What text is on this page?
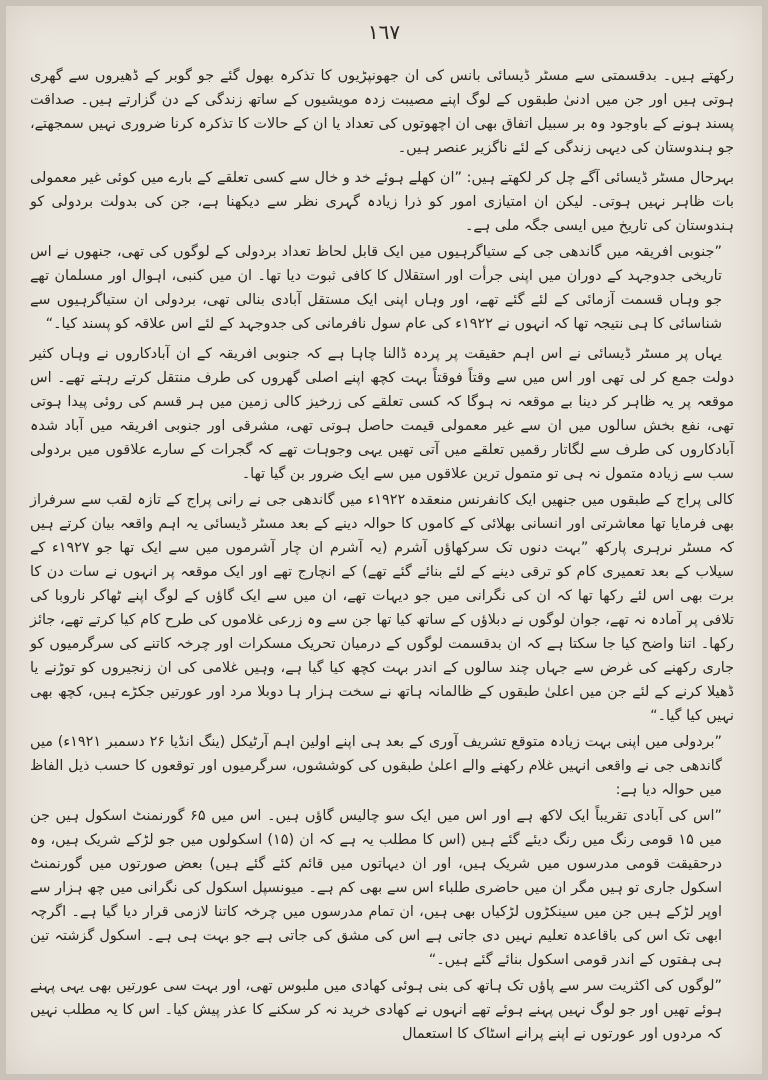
١٦٧

رکھتے ہیں۔ بدقسمتی سے مسٹر ڈیسائی بانس کی ان جھونپڑیوں کا تذکرہ بھول گئے جو گوبر کے ڈھیروں سے گھری ہوتی ہیں اور جن میں ادنیٰ طبقوں کے لوگ اپنے مصیبت زدہ مویشیوں کے ساتھ زندگی کے دن گزارتے ہیں۔ صداقت پسند ہونے کے باوجود وہ بر سبیل اتفاق بھی ان اچھوتوں کی تعداد یا ان کے حالات کا تذکرہ کرنا ضروری نہیں سمجھتے، جو ہندوستان کی دیہی زندگی کے لئے ناگزیر عنصر ہیں۔

بہرحال مسٹر ڈیسائی آگے چل کر لکھتے ہیں: ”ان کھلے ہوئے خد و خال سے کسی تعلقے کے بارے میں کوئی غیر معمولی بات ظاہر نہیں ہوتی۔ لیکن ان امتیازی امور کو ذرا زیادہ گہری نظر سے دیکھنا ہے، جن کی بدولت بردولی کو ہندوستان کی تاریخ میں ایسی جگہ ملی ہے۔

”جنوبی افریقہ میں گاندھی جی کے ستیاگرہیوں میں ایک قابل لحاظ تعداد بردولی کے لوگوں کی تھی، جنھوں نے اس تاریخی جدوجہد کے دوران میں اپنی جرأت اور استقلال کا کافی ثبوت دیا تھا۔ ان میں کنبی، اہوال اور مسلمان تھے جو وہاں قسمت آزمائی کے لئے گئے تھے، اور وہاں اپنی ایک مستقل آبادی بنالی تھی، بردولی ان ستیاگرہیوں سے شناسائی کا ہی نتیجہ تھا کہ انہوں نے ۱۹۲۲ء کی عام سول نافرمانی کی جدوجہد کے لئے اس علاقہ کو پسند کیا۔“

یہاں پر مسٹر ڈیسائی نے اس اہم حقیقت پر پردہ ڈالنا چاہا ہے کہ جنوبی افریقہ کے ان آبادکاروں نے وہاں کثیر دولت جمع کر لی تھی اور اس میں سے وقتاً فوقتاً بہت کچھ اپنے اصلی گھروں کی طرف منتقل کرتے رہتے تھے۔ اس موقعہ پر یہ ظاہر کر دینا بے موقعہ نہ ہوگا کہ کسی تعلقے کی زرخیز کالی زمین میں ہر قسم کی روئی پیدا ہوتی تھی، نفع بخش سالوں میں ان سے غیر معمولی قیمت حاصل ہوتی تھی، مشرقی اور جنوبی افریقہ میں آباد شدہ آبادکاروں کی طرف سے لگاتار رقمیں تعلقے میں آتی تھیں یہی وجوہات تھے کہ گجرات کے سارے علاقوں میں بردولی سب سے زیادہ متمول نہ ہی تو متمول ترین علاقوں میں سے ایک ضرور بن گیا تھا۔

کالی پراج کے طبقوں میں جنھیں ایک کانفرنس منعقدہ ۱۹۲۲ء میں گاندھی جی نے رانی پراج کے تازہ لقب سے سرفراز بھی فرمایا تھا معاشرتی اور انسانی بھلائی کے کاموں کا حوالہ دینے کے بعد مسٹر ڈیسائی یہ اہم واقعہ بیان کرتے ہیں کہ مسٹر نرہری پارکھ ”بہت دنوں تک سرکھاؤں آشرم (یہ آشرم ان چار آشرموں میں سے ایک تھا جو ۱۹۲۷ء کے سیلاب کے بعد تعمیری کام کو ترقی دینے کے لئے بنائے گئے تھے) کے انچارج تھے اور ایک موقعہ پر انہوں نے سات دن کا برت بھی اس لئے رکھا تھا کہ ان کی نگرانی میں جو دیہات تھے، ان میں سے ایک گاؤں کے لوگ اپنے ٹھاکر ناروبا کی تلافی پر آمادہ نہ تھے، جوان لوگوں نے دبلاؤں کے ساتھ کیا تھا جن سے وہ زرعی غلاموں کی طرح کام کیا کرتے تھے، جائز رکھا۔ اتنا واضح کیا جا سکتا ہے کہ ان بدقسمت لوگوں کے درمیان تحریک مسکرات اور چرخہ کاتنے کی سرگرمیوں کو جاری رکھنے کی غرض سے جہاں چند سالوں کے اندر بہت کچھ کیا گیا ہے، وہیں غلامی کی ان زنجیروں کو توڑنے یا ڈھیلا کرنے کے لئے جن میں اعلیٰ طبقوں کے ظالمانہ ہاتھ نے سخت ہزار ہا دوبلا مرد اور عورتیں جکڑے ہیں، کچھ بھی نہیں کیا گیا۔“

”بردولی میں اپنی بہت زیادہ متوقع تشریف آوری کے بعد ہی اپنے اولین اہم آرٹیکل (ینگ انڈیا ۲۶ دسمبر ۱۹۲۱ء) میں گاندھی جی نے واقعی انہیں غلام رکھنے والے اعلیٰ طبقوں کی کوششوں، سرگرمیوں اور توقعوں کا حسب ذیل الفاظ میں حوالہ دیا ہے:

”اس کی آبادی تقریباً ایک لاکھ ہے اور اس میں ایک سو چالیس گاؤں ہیں۔ اس میں ۶۵ گورنمنٹ اسکول ہیں جن میں ۱۵ قومی رنگ میں رنگ دیئے گئے ہیں (اس کا مطلب یہ ہے کہ ان (۱۵) اسکولوں میں جو لڑکے شریک ہیں، وہ درحقیقت قومی مدرسوں میں شریک ہیں، اور ان دیہاتوں میں قائم کئے گئے ہیں) بعض صورتوں میں گورنمنٹ اسکول جاری تو ہیں مگر ان میں حاضری طلباء اس سے بھی کم ہے۔ میونسپل اسکول کی نگرانی میں چھ ہزار سے اوپر لڑکے ہیں جن میں سینکڑوں لڑکیاں بھی ہیں، ان تمام مدرسوں میں چرخہ کاتنا لازمی قرار دیا گیا ہے۔ اگرچہ ابھی تک اس کی باقاعدہ تعلیم نہیں دی جاتی ہے اس کی مشق کی جاتی ہے جو بہت ہی ہے۔ اسکول گزشتہ تین ہی ہفتوں کے اندر قومی اسکول بنائے گئے ہیں۔“

”لوگوں کی اکثریت سر سے پاؤں تک ہاتھ کی بنی ہوئی کھادی میں ملبوس تھی، اور بہت سی عورتیں بھی یہی پہنے ہوئے تھیں اور جو لوگ نہیں پہنے ہوئے تھے انہوں نے کھادی خرید نہ کر سکنے کا عذر پیش کیا۔ اس کا یہ مطلب نہیں کہ مردوں اور عورتوں نے اپنے پرانے اسٹاک کا استعمال
